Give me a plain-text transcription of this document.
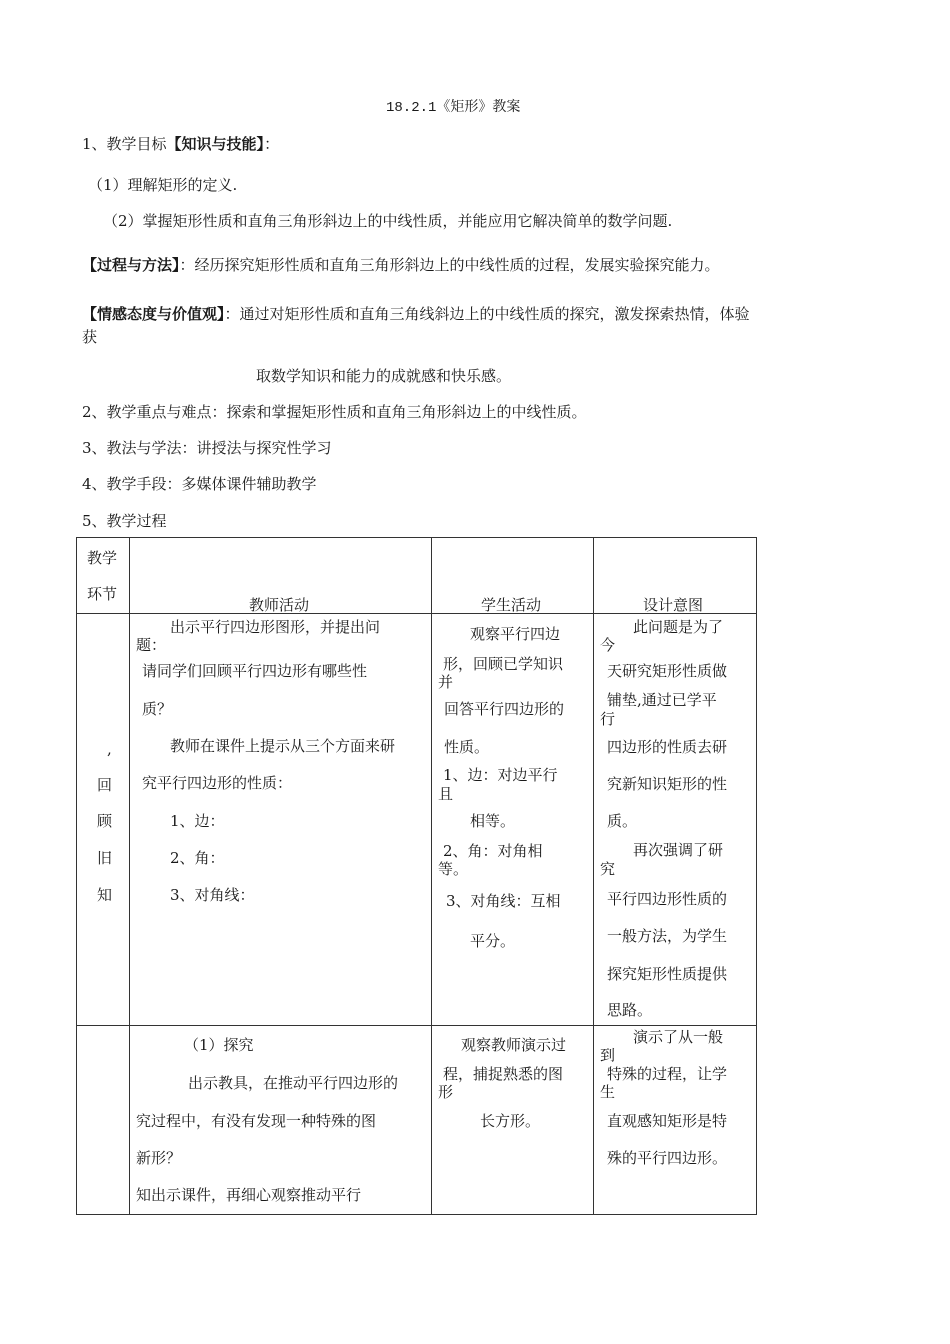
18.2.1《矩形》教案
1、教学目标【知识与技能】：
（1）理解矩形的定义.
（2）掌握矩形性质和直角三角形斜边上的中线性质，并能应用它解决简单的数学问题.
【过程与方法】：经历探究矩形性质和直角三角形斜边上的中线性质的过程，发展实验探究能力。
【情感态度与价值观】：通过对矩形性质和直角三角线斜边上的中线性质的探究，激发探索热情，体验
获
取数学知识和能力的成就感和快乐感。
2、教学重点与难点：探索和掌握矩形性质和直角三角形斜边上的中线性质。
3、教法与学法：讲授法与探究性学习
4、教学手段：多媒体课件辅助教学
5、教学过程
教学
环节
教师活动	学生活动	设计意图
,
回
顾
旧
知
出示平行四边形图形，并提出问
题：
请同学们回顾平行四边形有哪些性
质？
教师在课件上提示从三个方面来研
究平行四边形的性质：
1、边：
2、角：
3、对角线：
观察平行四边
形，回顾已学知识
并
回答平行四边形的
性质。
1、边：对边平行
且
相等。
2、角：对角相
等。
3、对角线：互相
平分。
此问题是为了
今
天研究矩形性质做
铺垫,通过已学平
行
四边形的性质去研
究新知识矩形的性
质。
再次强调了研
究
平行四边形性质的
一般方法，为学生
探究矩形性质提供
思路。
（1）探究
出示教具，在推动平行四边形的
究过程中，有没有发现一种特殊的图
新形？
知出示课件，再细心观察推动平行
观察教师演示过
程，捕捉熟悉的图
形
长方形。
演示了从一般
到
特殊的过程，让学
生
直观感知矩形是特
殊的平行四边形。
